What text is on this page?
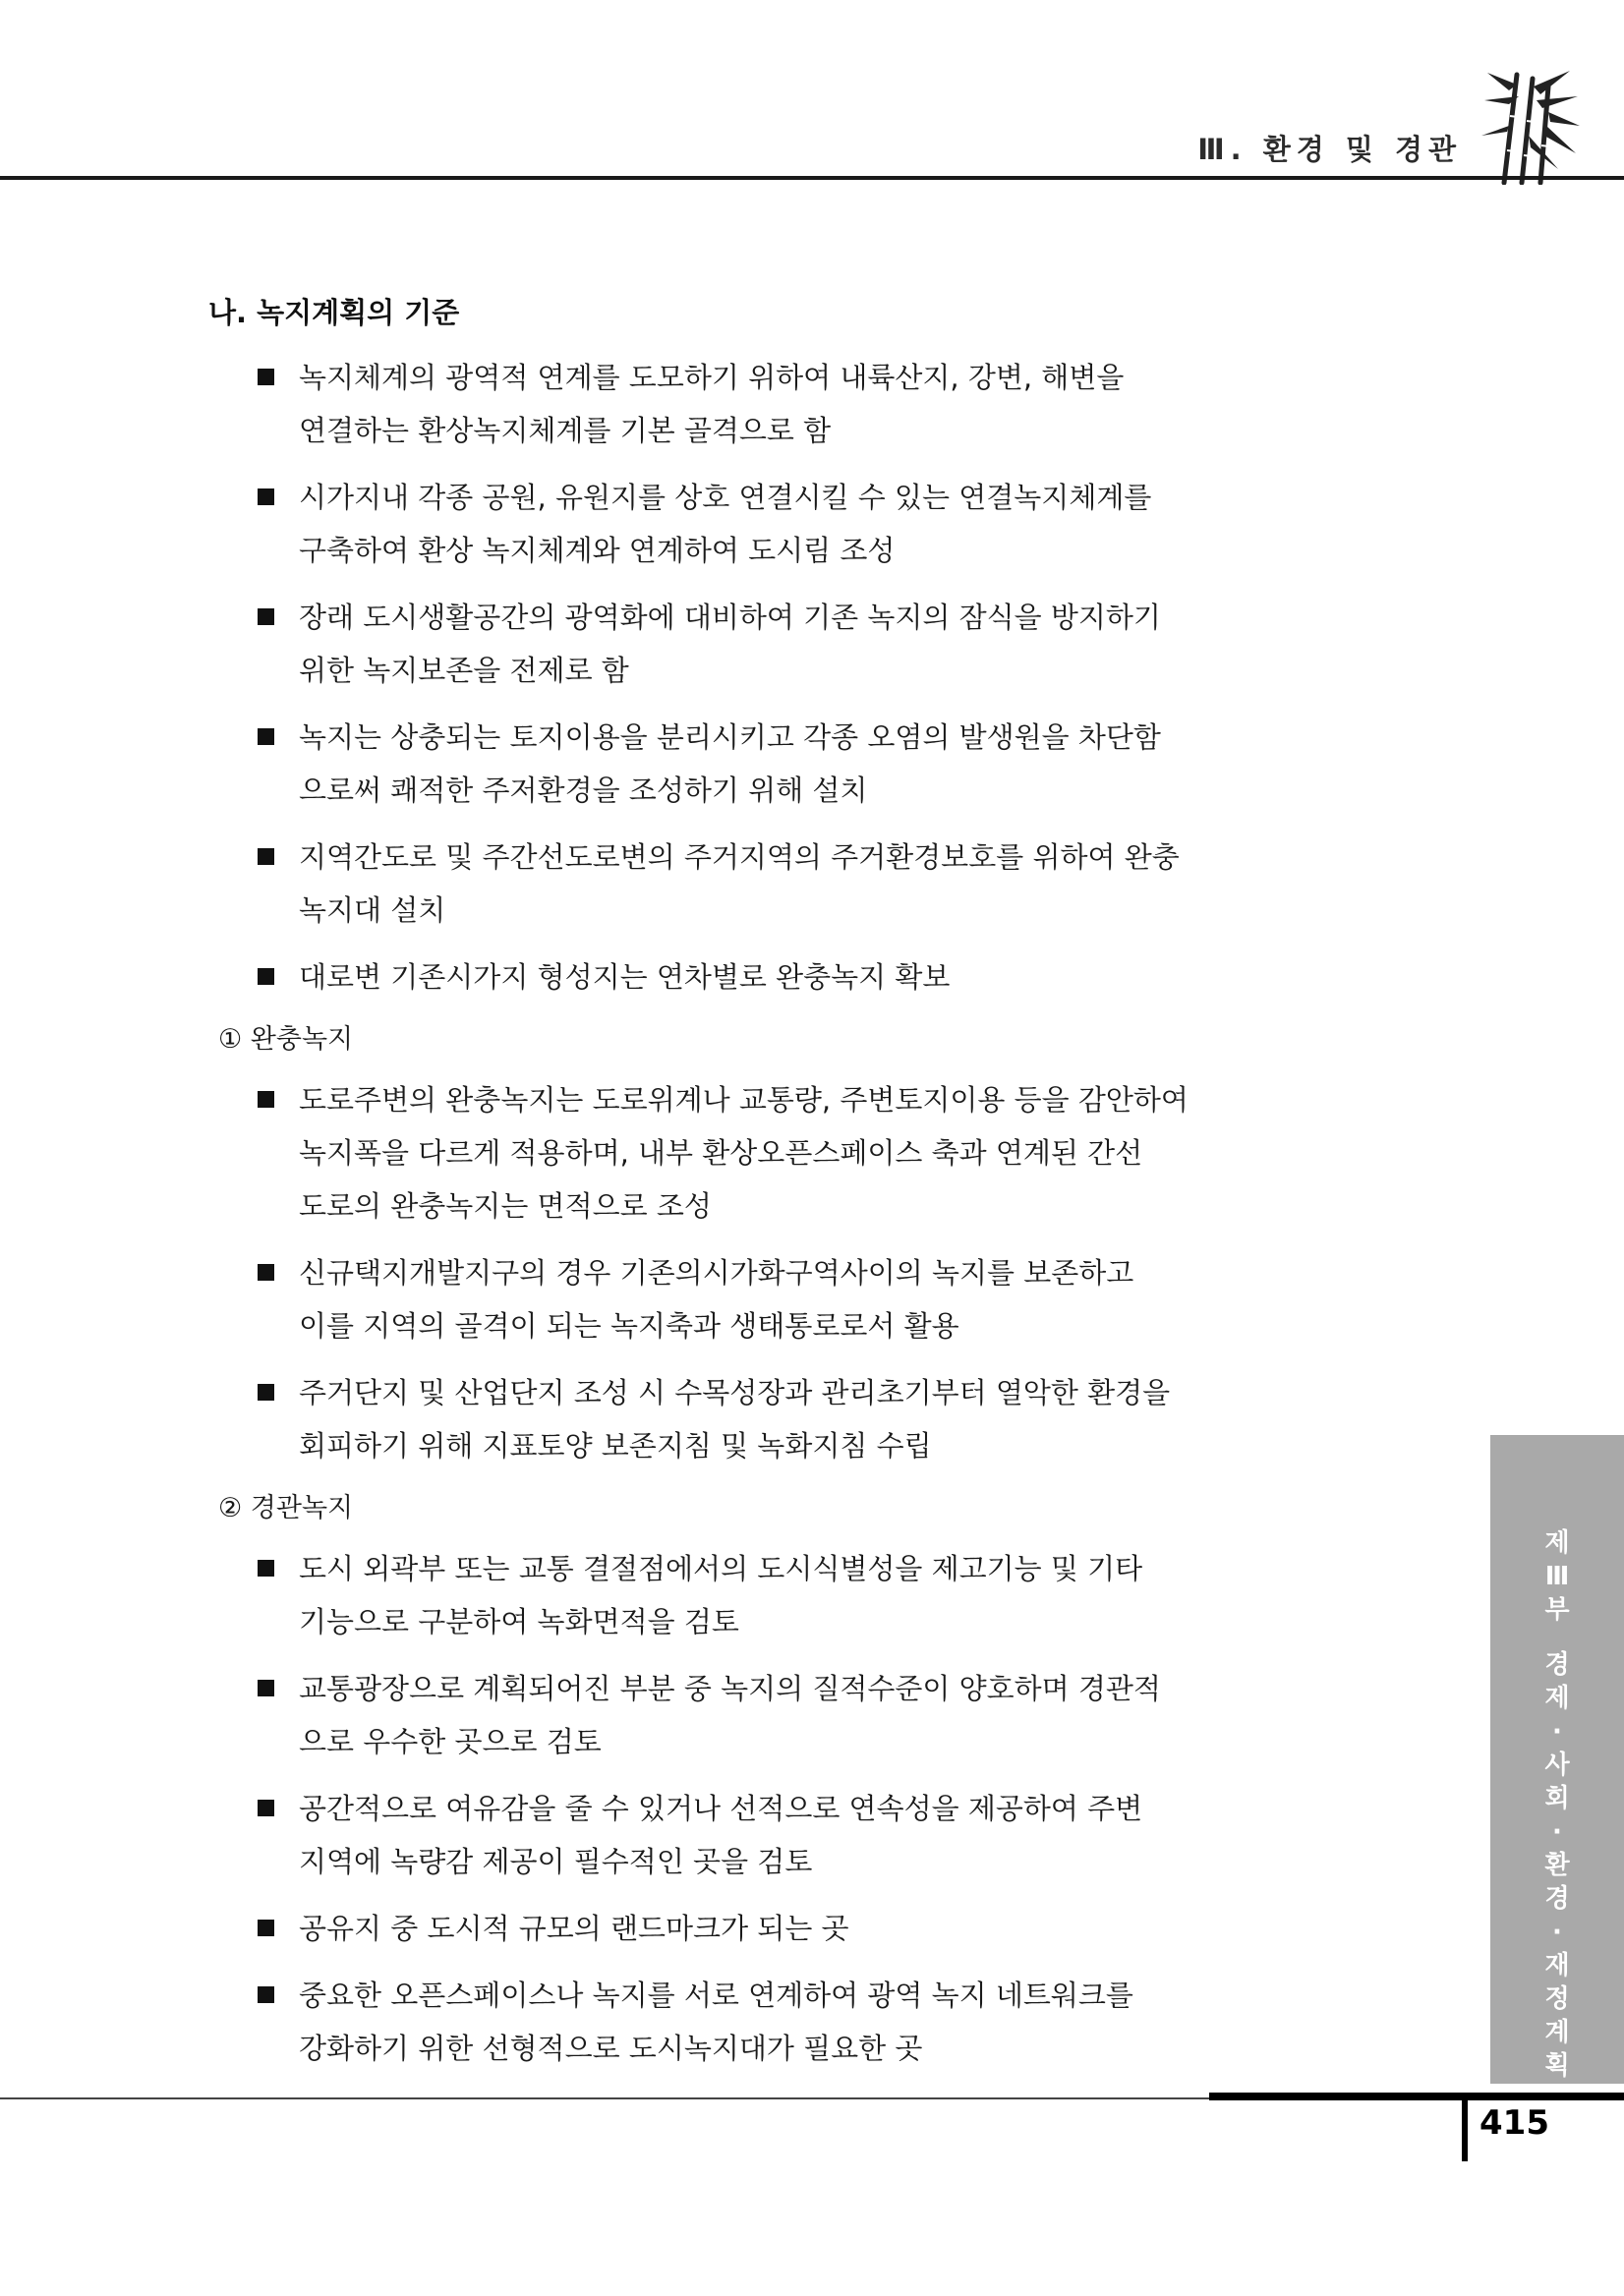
Ⅲ. 환경 및 경관
나. 녹지계획의 기준
녹지체계의 광역적 연계를 도모하기 위하여 내륙산지, 강변, 해변을
연결하는 환상녹지체계를 기본 골격으로 함
시가지내 각종 공원, 유원지를 상호 연결시킬 수 있는 연결녹지체계를
구축하여 환상 녹지체계와 연계하여 도시림 조성
장래 도시생활공간의 광역화에 대비하여 기존 녹지의 잠식을 방지하기
위한 녹지보존을 전제로 함
녹지는 상충되는 토지이용을 분리시키고 각종 오염의 발생원을 차단함
으로써 쾌적한 주저환경을 조성하기 위해 설치
지역간도로 및 주간선도로변의 주거지역의 주거환경보호를 위하여 완충
녹지대 설치
대로변 기존시가지 형성지는 연차별로 완충녹지 확보
① 완충녹지
도로주변의 완충녹지는 도로위계나 교통량, 주변토지이용 등을 감안하여
녹지폭을 다르게 적용하며, 내부 환상오픈스페이스 축과 연계된 간선
도로의 완충녹지는 면적으로 조성
신규택지개발지구의 경우 기존의시가화구역사이의 녹지를 보존하고
이를 지역의 골격이 되는 녹지축과 생태통로로서 활용
주거단지 및 산업단지 조성 시 수목성장과 관리초기부터 열악한 환경을
회피하기 위해 지표토양 보존지침 및 녹화지침 수립
② 경관녹지
도시 외곽부 또는 교통 결절점에서의 도시식별성을 제고기능 및 기타
기능으로 구분하여 녹화면적을 검토
교통광장으로 계획되어진 부분 중 녹지의 질적수준이 양호하며 경관적
으로 우수한 곳으로 검토
공간적으로 여유감을 줄 수 있거나 선적으로 연속성을 제공하여 주변
지역에 녹량감 제공이 필수적인 곳을 검토
공유지 중 도시적 규모의 랜드마크가 되는 곳
중요한 오픈스페이스나 녹지를 서로 연계하여 광역 녹지 네트워크를
강화하기 위한 선형적으로 도시녹지대가 필요한 곳
제
Ⅲ
부
경
제
·
사
회
·
환
경
·
재
정
계
획
415
